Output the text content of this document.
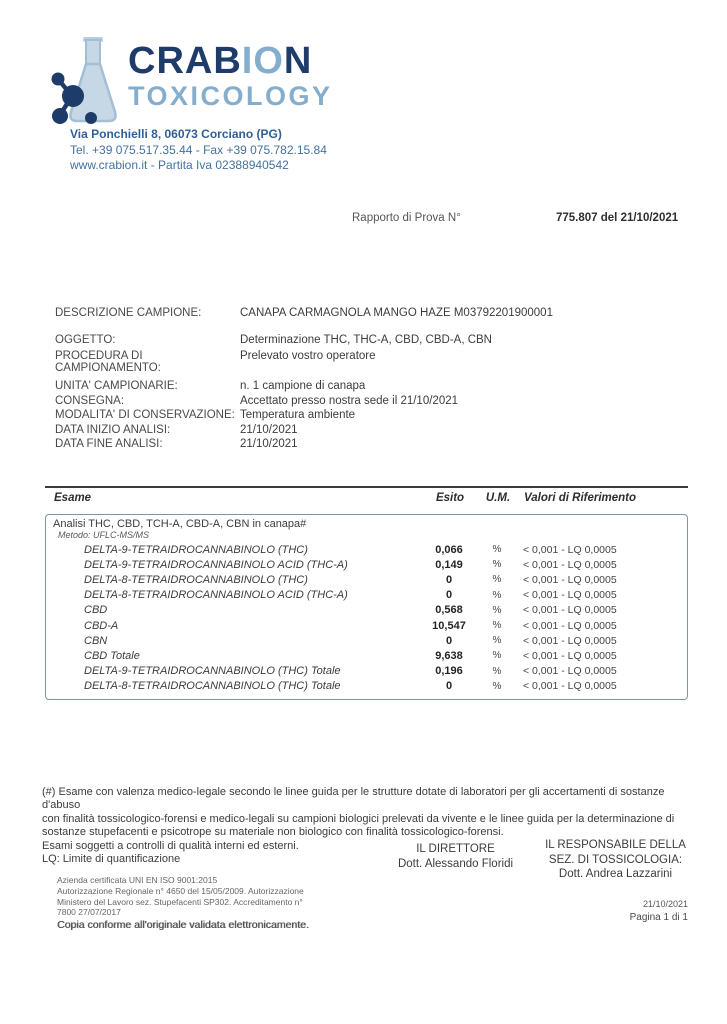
CRABION
TOXICOLOGY
Via Ponchielli 8, 06073 Corciano (PG)
Tel. +39 075.517.35.44 - Fax +39 075.782.15.84
www.crabion.it - Partita Iva 02388940542
Rapporto di Prova N°	775.807 del 21/10/2021
DESCRIZIONE CAMPIONE:	CANAPA CARMAGNOLA MANGO HAZE M03792201900001
OGGETTO:	Determinazione THC, THC-A, CBD, CBD-A, CBN
PROCEDURA DI CAMPIONAMENTO:
Prelevato vostro operatore
UNITA' CAMPIONARIE:	n. 1 campione di canapa
CONSEGNA:	Accettato presso nostra sede il 21/10/2021
MODALITA' DI CONSERVAZIONE: Temperatura ambiente
DATA INIZIO ANALISI:	21/10/2021
DATA FINE ANALISI:	21/10/2021
Esame	Esito	U.M.	Valori di Riferimento
Analisi THC, CBD, TCH-A, CBD-A, CBN in canapa#
Metodo: UFLC-MS/MS
DELTA-9-TETRAIDROCANNABINOLO (THC)	0,066	%	< 0,001 - LQ 0,0005
DELTA-9-TETRAIDROCANNABINOLO ACID (THC-A)	0,149	%	< 0,001 - LQ 0,0005
DELTA-8-TETRAIDROCANNABINOLO (THC)	0	%	< 0,001 - LQ 0,0005
DELTA-8-TETRAIDROCANNABINOLO ACID (THC-A)	0	%	< 0,001 - LQ 0,0005
CBD	0,568	%	< 0,001 - LQ 0,0005
CBD-A	10,547	%	< 0,001 - LQ 0,0005
CBN	0	%	< 0,001 - LQ 0,0005
CBD Totale	9,638	%	< 0,001 - LQ 0,0005
DELTA-9-TETRAIDROCANNABINOLO (THC) Totale	0,196	%	< 0,001 - LQ 0,0005
DELTA-8-TETRAIDROCANNABINOLO (THC) Totale	0	%	< 0,001 - LQ 0,0005
(#) Esame con valenza medico-legale secondo le linee guida per le strutture dotate di laboratori per gli accertamenti di sostanze d'abuso
con finalità tossicologico-forensi e medico-legali su campioni biologici prelevati da vivente e le linee guida per la determinazione di
sostanze stupefacenti e psicotrope su materiale non biologico con finalità tossicologico-forensi.
Esami soggetti a controlli di qualità interni ed esterni.
LQ: Limite di quantificazione
IL DIRETTORE
Dott. Alessando Floridi
IL RESPONSABILE DELLA
SEZ. DI TOSSICOLOGIA:
Dott. Andrea Lazzarini
Azienda certificata UNI EN ISO 9001:2015
Autorizzazione Regionale n° 4650 del 15/05/2009. Autorizzazione
Ministero del Lavoro sez. Stupefacenti SP302. Accreditamento n°
7800 27/07/2017
21/10/2021
Pagina 1 di 1
Copia conforme all'originale validata elettronicamente.
